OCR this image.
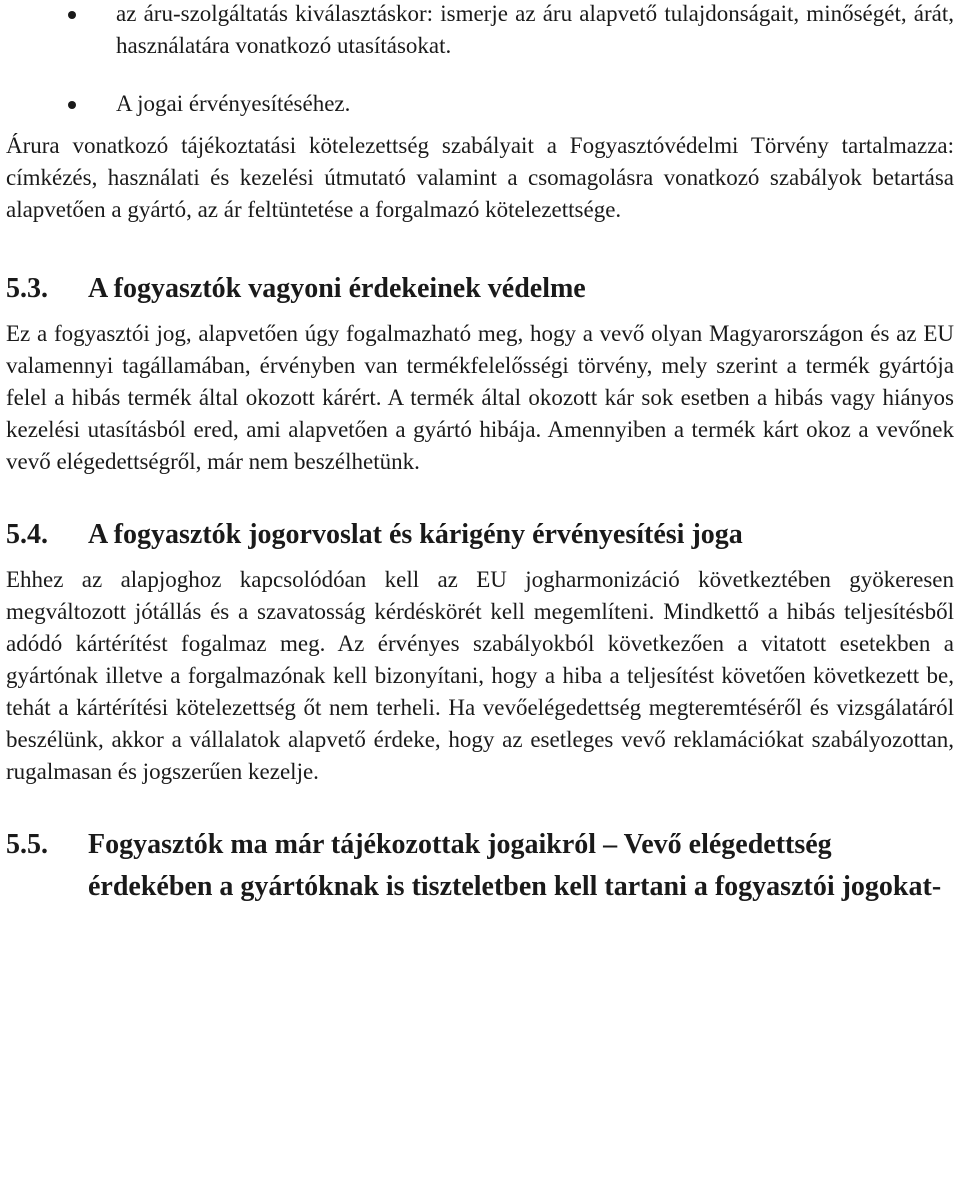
az áru-szolgáltatás kiválasztáskor: ismerje az áru alapvető tulajdonságait, minőségét, árát, használatára vonatkozó utasításokat.
A jogai érvényesítéséhez.

Árura vonatkozó tájékoztatási kötelezettség szabályait a Fogyasztóvédelmi Törvény tartalmazza: címkézés, használati és kezelési útmutató valamint a csomagolásra vonatkozó szabályok betartása alapvetően a gyártó, az ár feltüntetése a forgalmazó kötelezettsége.

5.3.	A fogyasztók vagyoni érdekeinek védelme

Ez a fogyasztói jog, alapvetően úgy fogalmazható meg, hogy a vevő olyan Magyarországon és az EU valamennyi tagállamában, érvényben van termékfelelősségi törvény, mely szerint a termék gyártója felel a hibás termék által okozott kárért. A termék által okozott kár sok esetben a hibás vagy hiányos kezelési utasításból ered, ami alapvetően a gyártó hibája. Amennyiben a termék kárt okoz a vevőnek vevő elégedettségről, már nem beszélhetünk.

5.4.	A fogyasztók jogorvoslat és kárigény érvényesítési joga

Ehhez az alapjoghoz kapcsolódóan kell az EU jogharmonizáció következtében gyökeresen megváltozott jótállás és a szavatosság kérdéskörét kell megemlíteni. Mindkettő a hibás teljesítésből adódó kártérítést fogalmaz meg. Az érvényes szabályokból következően a vitatott esetekben a gyártónak illetve a forgalmazónak kell bizonyítani, hogy a hiba a teljesítést követően következett be, tehát a kártérítési kötelezettség őt nem terheli. Ha vevőelégedettség megteremtéséről és vizsgálatáról beszélünk, akkor a vállalatok alapvető érdeke, hogy az esetleges vevő reklamációkat szabályozottan, rugalmasan és jogszerűen kezelje.

5.5.	Fogyasztók ma már tájékozottak jogaikról – Vevő elégedettség érdekében a gyártóknak is tiszteletben kell tartani a fogyasztói jogokat-
